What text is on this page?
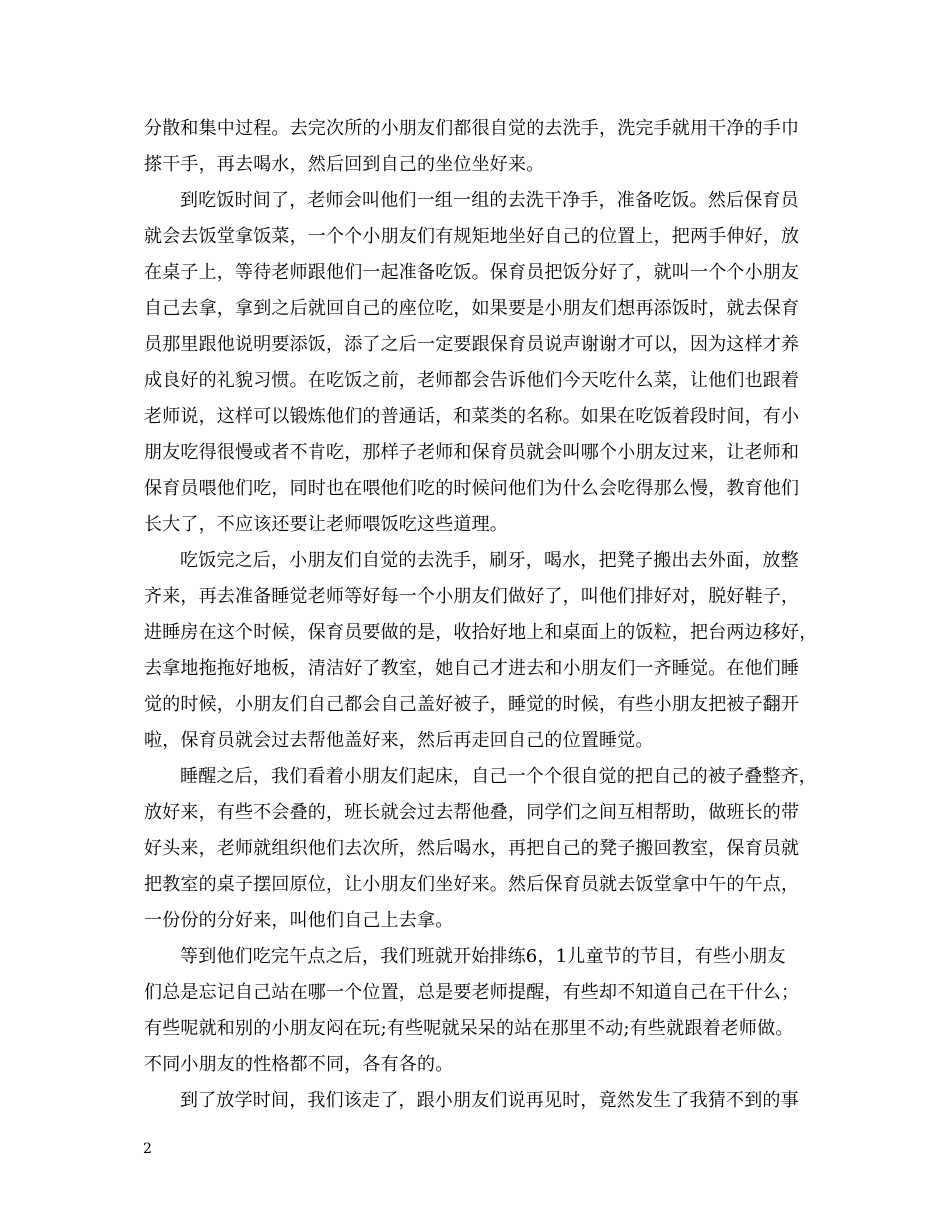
分散和集中过程。去完次所的小朋友们都很自觉的去洗手，洗完手就用干净的手巾
搽干手，再去喝水，然后回到自己的坐位坐好来。
到吃饭时间了，老师会叫他们一组一组的去洗干净手，准备吃饭。然后保育员
就会去饭堂拿饭菜，一个个小朋友们有规矩地坐好自己的位置上，把两手伸好，放
在桌子上，等待老师跟他们一起准备吃饭。保育员把饭分好了，就叫一个个小朋友
自己去拿，拿到之后就回自己的座位吃，如果要是小朋友们想再添饭时，就去保育
员那里跟他说明要添饭，添了之后一定要跟保育员说声谢谢才可以，因为这样才养
成良好的礼貌习惯。在吃饭之前，老师都会告诉他们今天吃什么菜，让他们也跟着
老师说，这样可以锻炼他们的普通话，和菜类的名称。如果在吃饭着段时间，有小
朋友吃得很慢或者不肯吃，那样子老师和保育员就会叫哪个小朋友过来，让老师和
保育员喂他们吃，同时也在喂他们吃的时候问他们为什么会吃得那么慢，教育他们
长大了，不应该还要让老师喂饭吃这些道理。
吃饭完之后，小朋友们自觉的去洗手，刷牙，喝水，把凳子搬出去外面，放整
齐来，再去准备睡觉老师等好每一个小朋友们做好了，叫他们排好对，脱好鞋子，
进睡房在这个时候，保育员要做的是，收拾好地上和桌面上的饭粒，把台两边移好，
去拿地拖拖好地板，清洁好了教室，她自己才进去和小朋友们一齐睡觉。在他们睡
觉的时候，小朋友们自己都会自己盖好被子，睡觉的时候，有些小朋友把被子翻开
啦，保育员就会过去帮他盖好来，然后再走回自己的位置睡觉。
睡醒之后，我们看着小朋友们起床，自己一个个很自觉的把自己的被子叠整齐，
放好来，有些不会叠的，班长就会过去帮他叠，同学们之间互相帮助，做班长的带
好头来，老师就组织他们去次所，然后喝水，再把自己的凳子搬回教室，保育员就
把教室的桌子摆回原位，让小朋友们坐好来。然后保育员就去饭堂拿中午的午点，
一份份的分好来，叫他们自己上去拿。
等到他们吃完午点之后，我们班就开始排练6，1儿童节的节目，有些小朋友
们总是忘记自己站在哪一个位置，总是要老师提醒，有些却不知道自己在干什么；
有些呢就和别的小朋友闷在玩;有些呢就呆呆的站在那里不动;有些就跟着老师做。
不同小朋友的性格都不同，各有各的。
到了放学时间，我们该走了，跟小朋友们说再见时，竟然发生了我猜不到的事
2
